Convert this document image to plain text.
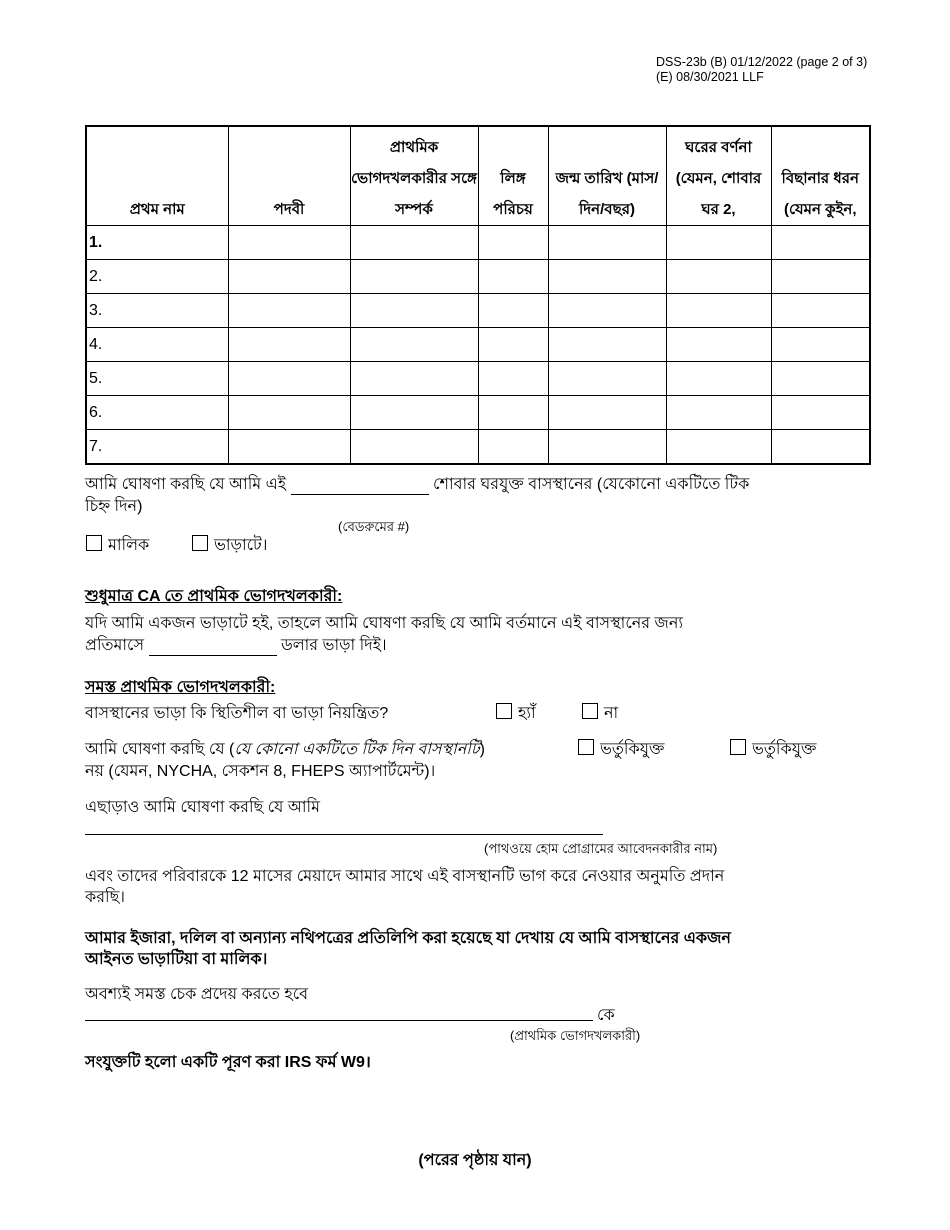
DSS-23b (B) 01/12/2022 (page 2 of 3)
(E) 08/30/2021 LLF
প্রথম নাম	পদবী	প্রাথমিক ভোগদখলকারীর সঙ্গে সম্পর্ক	লিঙ্গ পরিচয়	জন্ম তারিখ (মাস/দিন/বছর)	ঘরের বর্ণনা (যেমন, শোবার ঘর 2,	বিছানার ধরন (যেমন কুইন,
1.						
2.						
3.						
4.						
5.						
6.						
7.						
আমি ঘোষণা করছি যে আমি এই	শোবার ঘরযুক্ত বাসস্থানের (যেকোনো একটিতে টিক
চিহ্ন দিন)
(বেডরুমের #)
মালিক	ভাড়াটে।
শুধুমাত্র CA তে প্রাথমিক ভোগদখলকারী:
যদি আমি একজন ভাড়াটে হই, তাহলে আমি ঘোষণা করছি যে আমি বর্তমানে এই বাসস্থানের জন্য
প্রতিমাসে	ডলার ভাড়া দিই।
সমস্ত প্রাথমিক ভোগদখলকারী:
বাসস্থানের ভাড়া কি স্থিতিশীল বা ভাড়া নিয়ন্ত্রিত?	হ্যাঁ	না
আমি ঘোষণা করছি যে (যে কোনো একটিতে টিক দিন বাসস্থানটি)	ভর্তুকিযুক্ত	ভর্তুকিযুক্ত
নয় (যেমন, NYCHA, সেকশন 8, FHEPS অ্যাপার্টমেন্ট)।
এছাড়াও আমি ঘোষণা করছি যে আমি
(পাথওয়ে হোম প্রোগ্রামের আবেদনকারীর নাম)
এবং তাদের পরিবারকে 12 মাসের মেয়াদে আমার সাথে এই বাসস্থানটি ভাগ করে নেওয়ার অনুমতি প্রদান
করছি।
আমার ইজারা, দলিল বা অন্যান্য নথিপত্রের প্রতিলিপি করা হয়েছে যা দেখায় যে আমি বাসস্থানের একজন
আইনত ভাড়াটিয়া বা মালিক।
অবশ্যই সমস্ত চেক প্রদেয় করতে হবে
কে
(প্রাথমিক ভোগদখলকারী)
সংযুক্তটি হলো একটি পূরণ করা IRS ফর্ম W9।
(পরের পৃষ্ঠায় যান)
